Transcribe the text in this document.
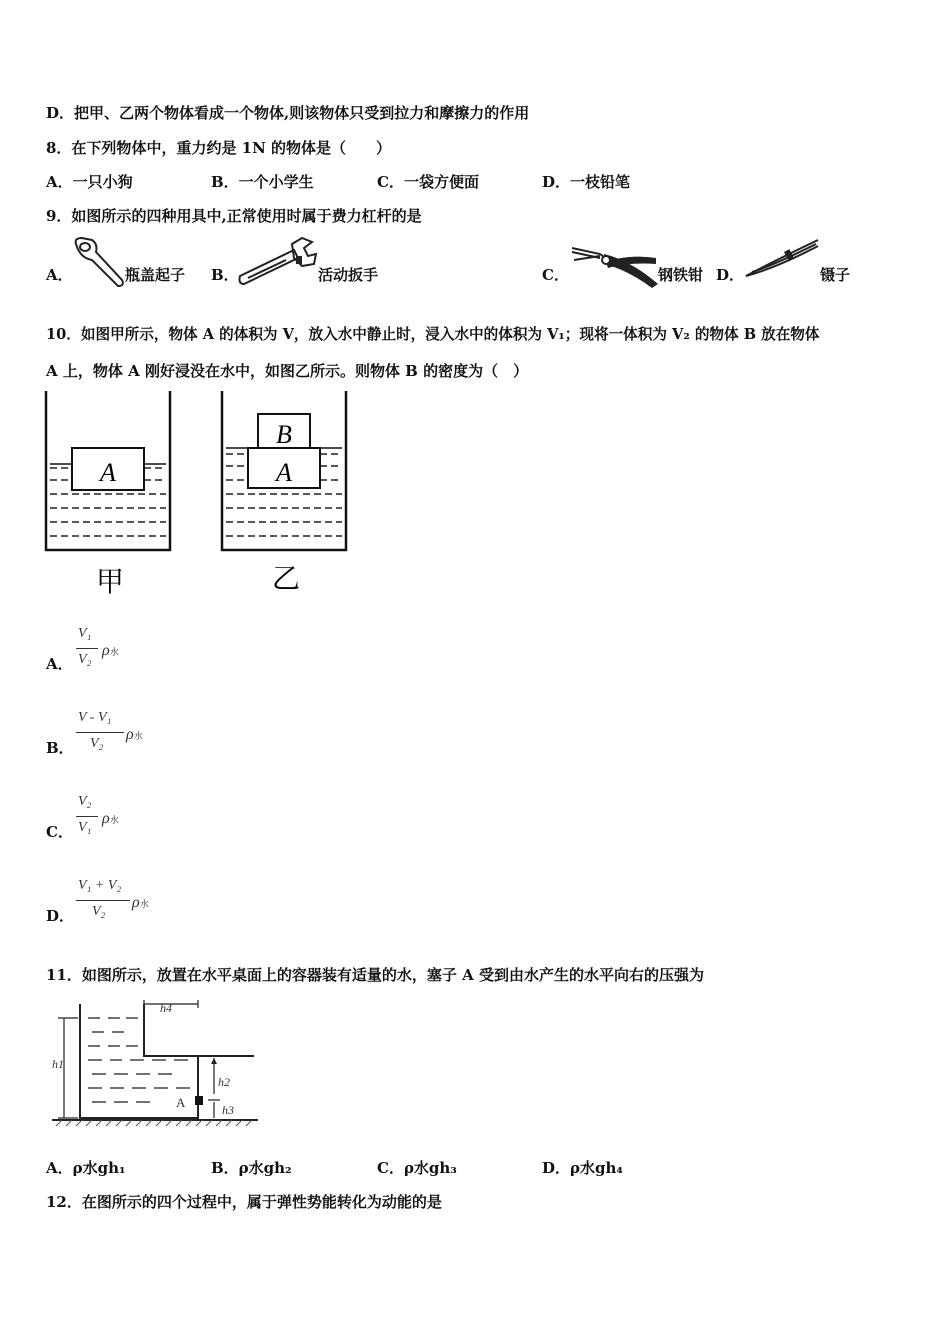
D．把甲、乙两个物体看成一个物体,则该物体只受到拉力和摩擦力的作用
8．在下列物体中，重力约是 1N 的物体是（　　）
A．一只小狗	B．一个小学生	C．一袋方便面	D．一枝铅笔
9．如图所示的四种用具中,正常使用时属于费力杠杆的是
A．	瓶盖起子 B．	活动扳手	C．	钢铁钳 D．	镊子
10．如图甲所示，物体 A 的体积为 V，放入水中静止时，浸入水中的体积为 V₁；现将一体积为 V₂ 的物体 B 放在物体
A 上，物体 A 刚好浸没在水中，如图乙所示。则物体 B 的密度为（　）
A	A
B
甲	乙
A．
V₁
V₂
ρ水
B．
V - V₁
V₂
ρ水
C．
V₂
V₁
ρ水
D．
V₁ + V₂
V₂
ρ水
11．如图所示，放置在水平桌面上的容器装有适量的水，塞子 A 受到由水产生的水平向右的压强为
A
h1
h4
h2
h3
A．ρ水gh₁	B．ρ水gh₂	C．ρ水gh₃	D．ρ水gh₄
12．在图所示的四个过程中，属于弹性势能转化为动能的是
